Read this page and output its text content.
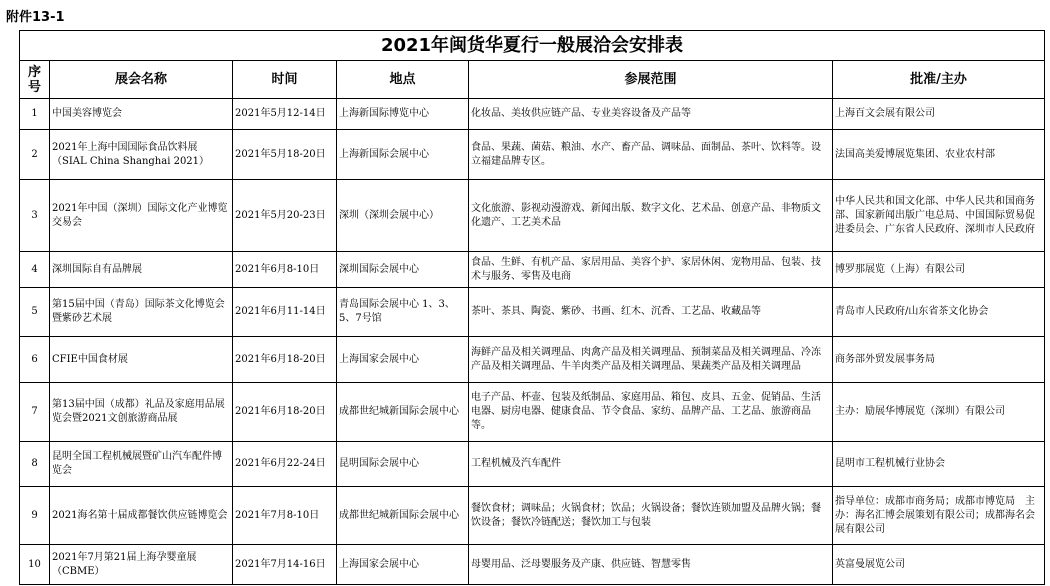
附件13-1
2021年闽货华夏行一般展洽会安排表					
序号	展会名称	时间	地点	参展范围	批准/主办
1	中国美容博览会	2021年5月12-14日	上海新国际博览中心	化妆品、美妆供应链产品、专业美容设备及产品等	上海百文会展有限公司
2	2021年上海中国国际食品饮料展（SIAL China Shanghai 2021）	2021年5月18-20日	上海新国际会展中心	食品、果蔬、菌菇、粮油、水产、畜产品、调味品、面制品、茶叶、饮料等。设立福建品牌专区。	法国高美爱博展览集团、农业农村部
3	2021年中国（深圳）国际文化产业博览交易会	2021年5月20-23日	深圳（深圳会展中心）	文化旅游、影视动漫游戏、新闻出版、数字文化、艺术品、创意产品、非物质文化遗产、工艺美术品	中华人民共和国文化部、中华人民共和国商务部、国家新闻出版广电总局、中国国际贸易促进委员会、广东省人民政府、深圳市人民政府
4	深圳国际自有品牌展	2021年6月8-10日	深圳国际会展中心	食品、生鲜、有机产品、家居用品、美容个护、家居休闲、宠物用品、包装、技术与服务、零售及电商	博罗那展览（上海）有限公司
5	第15届中国（青岛）国际茶文化博览会暨紫砂艺术展	2021年6月11-14日	青岛国际会展中心 1、3、5、7号馆	茶叶、茶具、陶瓷、紫砂、书画、红木、沉香、工艺品、收藏品等	青岛市人民政府/山东省茶文化协会
6	CFIE中国食材展	2021年6月18-20日	上海国家会展中心	海鲜产品及相关调理品、肉禽产品及相关调理品、预制菜品及相关调理品、冷冻产品及相关调理品、牛羊肉类产品及相关调理品、果蔬类产品及相关调理品	商务部外贸发展事务局
7	第13届中国（成都）礼品及家庭用品展览会暨2021文创旅游商品展	2021年6月18-20日	成都世纪城新国际会展中心	电子产品、杯壶、包装及纸制品、家庭用品、箱包、皮具、五金、促销品、生活电器、厨房电器、健康食品、节令食品、家纺、品牌产品、工艺品、旅游商品等。	主办：励展华博展览（深圳）有限公司
8	昆明全国工程机械展暨矿山汽车配件博览会	2021年6月22-24日	昆明国际会展中心	工程机械及汽车配件	昆明市工程机械行业协会
9	2021海名第十届成都餐饮供应链博览会	2021年7月8-10日	成都世纪城新国际会展中心	餐饮食材；调味品；火锅食材；饮品；火锅设备；餐饮连锁加盟及品牌火锅；餐饮设备；餐饮冷链配送；餐饮加工与包装	指导单位：成都市商务局；成都市博览局　主办：海名汇博会展策划有限公司；成都海名会展有限公司
10	2021年7月第21届上海孕婴童展（CBME）	2021年7月14-16日	上海国家会展中心	母婴用品、泛母婴服务及产康、供应链、智慧零售	英富曼展览公司
